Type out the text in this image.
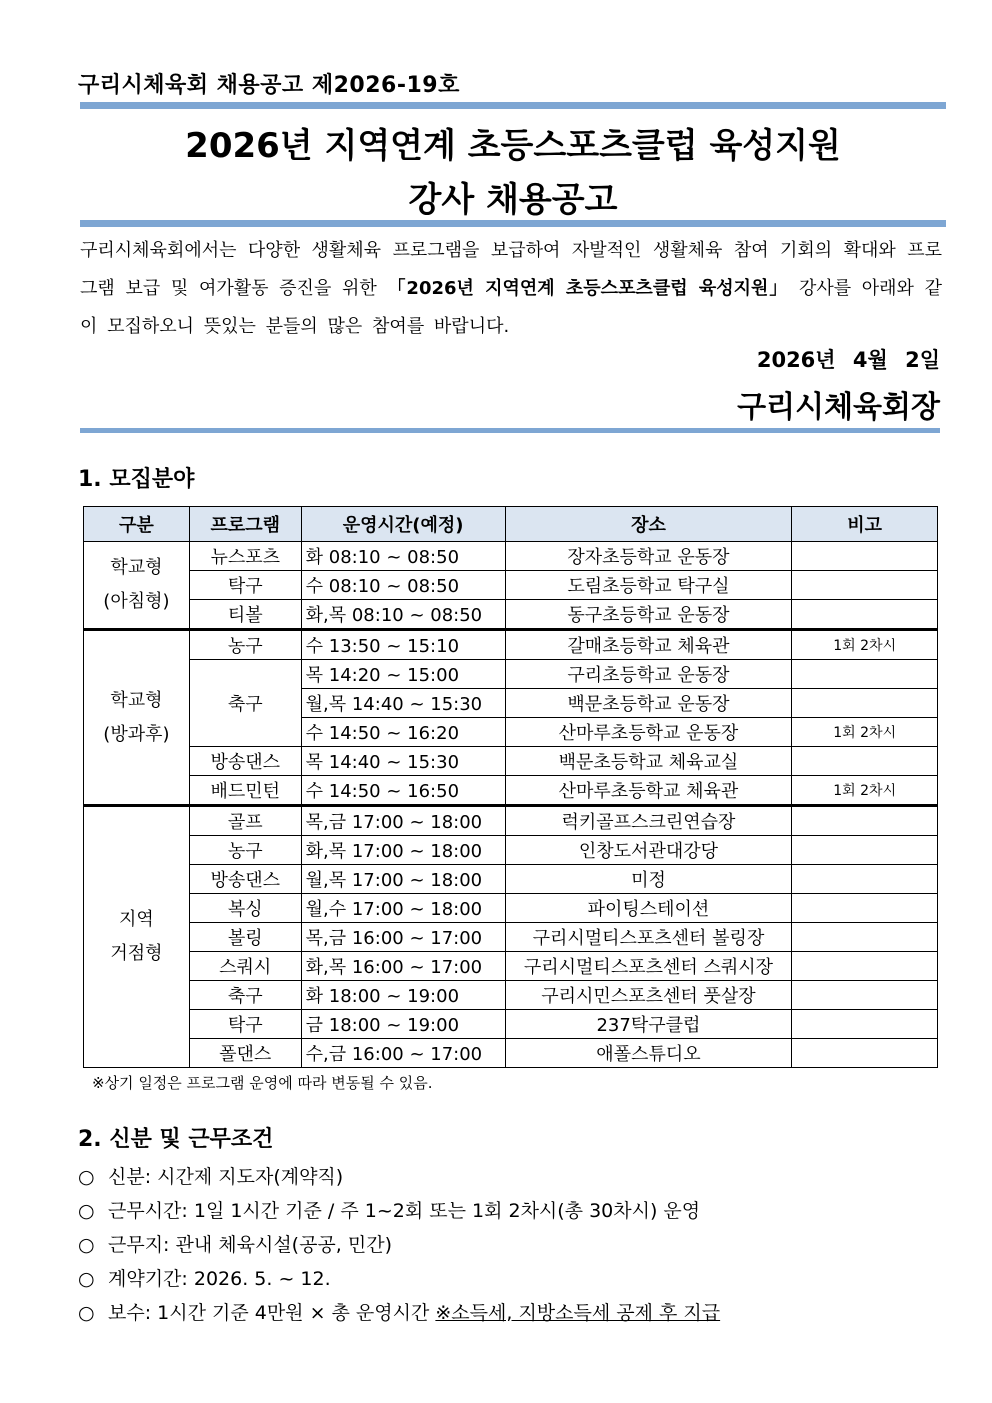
구리시체육회 채용공고 제2026-19호
2026년 지역연계 초등스포츠클럽 육성지원
강사 채용공고
구리시체육회에서는 다양한 생활체육 프로그램을 보급하여 자발적인 생활체육 참여 기회의 확대와 프로그램 보급 및 여가활동 증진을 위한 「2026년 지역연계 초등스포츠클럽 육성지원」 강사를 아래와 같이 모집하오니 뜻있는 분들의 많은 참여를 바랍니다.
2026년 4월 2일
구리시체육회장
1. 모집분야
구분	프로그램	운영시간(예정)	장소	비고
학교형
(아침형)	뉴스포츠	화 08:10 ~ 08:50	장자초등학교 운동장	
	탁구	수 08:10 ~ 08:50	도림초등학교 탁구실	
	티볼	화,목 08:10 ~ 08:50	동구초등학교 운동장	
학교형
(방과후)	농구	수 13:50 ~ 15:10	갈매초등학교 체육관	1회 2차시
	축구	목 14:20 ~ 15:00	구리초등학교 운동장	
		월,목 14:40 ~ 15:30	백문초등학교 운동장	
		수 14:50 ~ 16:20	산마루초등학교 운동장	1회 2차시
	방송댄스	목 14:40 ~ 15:30	백문초등학교 체육교실	
	배드민턴	수 14:50 ~ 16:50	산마루초등학교 체육관	1회 2차시
지역
거점형	골프	목,금 17:00 ~ 18:00	럭키골프스크린연습장	
	농구	화,목 17:00 ~ 18:00	인창도서관대강당	
	방송댄스	월,목 17:00 ~ 18:00	미정	
	복싱	월,수 17:00 ~ 18:00	파이팅스테이션	
	볼링	목,금 16:00 ~ 17:00	구리시멀티스포츠센터 볼링장	
	스쿼시	화,목 16:00 ~ 17:00	구리시멀티스포츠센터 스쿼시장	
	축구	화 18:00 ~ 19:00	구리시민스포츠센터 풋살장	
	탁구	금 18:00 ~ 19:00	237탁구클럽	
	폴댄스	수,금 16:00 ~ 17:00	애폴스튜디오	
※상기 일정은 프로그램 운영에 따라 변동될 수 있음.
2. 신분 및 근무조건
○ 신분: 시간제 지도자(계약직)
○ 근무시간: 1일 1시간 기준 / 주 1~2회 또는 1회 2차시(총 30차시) 운영
○ 근무지: 관내 체육시설(공공, 민간)
○ 계약기간: 2026. 5. ~ 12.
○ 보수: 1시간 기준 4만원 × 총 운영시간 ※소득세, 지방소득세 공제 후 지급
